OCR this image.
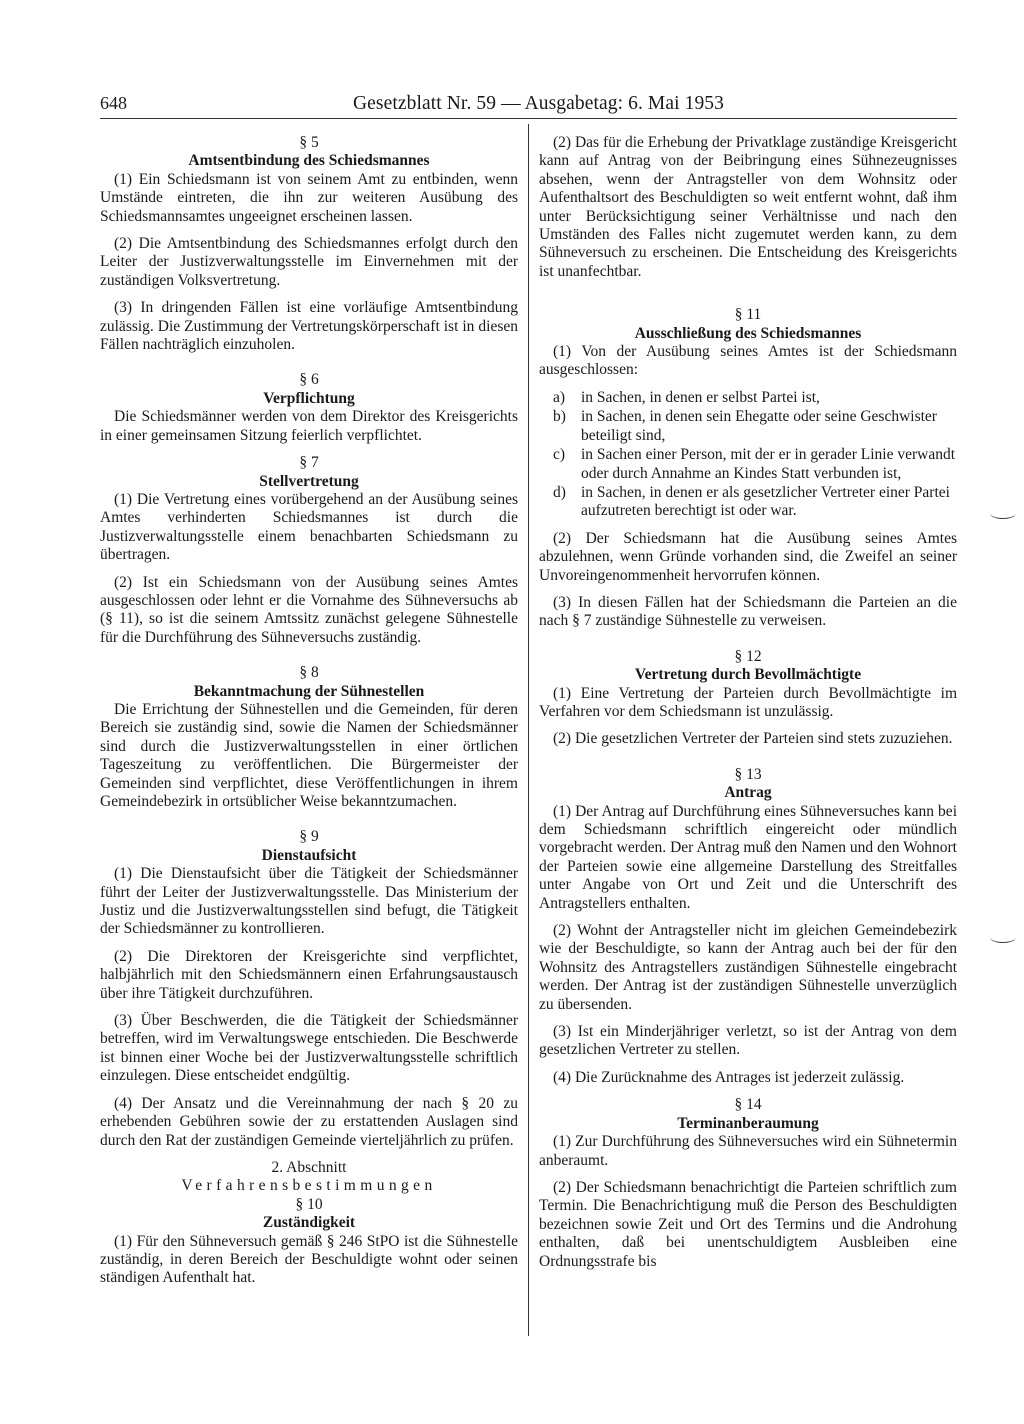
648	Gesetzblatt Nr. 59 — Ausgabetag: 6. Mai 1953

§ 5

Amtsentbindung des Schiedsmannes

(1) Ein Schiedsmann ist von seinem Amt zu entbinden, wenn Umstände eintreten, die ihn zur weiteren Ausübung des Schiedsmannsamtes ungeeignet erscheinen lassen.

(2) Die Amtsentbindung des Schiedsmannes erfolgt durch den Leiter der Justizverwaltungsstelle im Einvernehmen mit der zuständigen Volksvertretung.

(3) In dringenden Fällen ist eine vorläufige Amtsentbindung zulässig. Die Zustimmung der Vertretungskörperschaft ist in diesen Fällen nachträglich einzuholen.

§ 6

Verpflichtung

Die Schiedsmänner werden von dem Direktor des Kreisgerichts in einer gemeinsamen Sitzung feierlich verpflichtet.

§ 7

Stellvertretung

(1) Die Vertretung eines vorübergehend an der Ausübung seines Amtes verhinderten Schiedsmannes ist durch die Justizverwaltungsstelle einem benachbarten Schiedsmann zu übertragen.

(2) Ist ein Schiedsmann von der Ausübung seines Amtes ausgeschlossen oder lehnt er die Vornahme des Sühneversuchs ab (§ 11), so ist die seinem Amtssitz zunächst gelegene Sühnestelle für die Durchführung des Sühneversuchs zuständig.

§ 8

Bekanntmachung der Sühnestellen

Die Errichtung der Sühnestellen und die Gemeinden, für deren Bereich sie zuständig sind, sowie die Namen der Schiedsmänner sind durch die Justizverwaltungsstellen in einer örtlichen Tageszeitung zu veröffentlichen. Die Bürgermeister der Gemeinden sind verpflichtet, diese Veröffentlichungen in ihrem Gemeindebezirk in ortsüblicher Weise bekanntzumachen.

§ 9

Dienstaufsicht

(1) Die Dienstaufsicht über die Tätigkeit der Schiedsmänner führt der Leiter der Justizverwaltungsstelle. Das Ministerium der Justiz und die Justizverwaltungsstellen sind befugt, die Tätigkeit der Schiedsmänner zu kontrollieren.

(2) Die Direktoren der Kreisgerichte sind verpflichtet, halbjährlich mit den Schiedsmännern einen Erfahrungsaustausch über ihre Tätigkeit durchzuführen.

(3) Über Beschwerden, die die Tätigkeit der Schiedsmänner betreffen, wird im Verwaltungswege entschieden. Die Beschwerde ist binnen einer Woche bei der Justizverwaltungsstelle schriftlich einzulegen. Diese entscheidet endgültig.

(4) Der Ansatz und die Vereinnahmung der nach § 20 zu erhebenden Gebühren sowie der zu erstattenden Auslagen sind durch den Rat der zuständigen Gemeinde vierteljährlich zu prüfen.

2. Abschnitt

Verfahrensbestimmungen

§ 10

Zuständigkeit

(1) Für den Sühneversuch gemäß § 246 StPO ist die Sühnestelle zuständig, in deren Bereich der Beschuldigte wohnt oder seinen ständigen Aufenthalt hat.

(2) Das für die Erhebung der Privatklage zuständige Kreisgericht kann auf Antrag von der Beibringung eines Sühnezeugnisses absehen, wenn der Antragsteller von dem Wohnsitz oder Aufenthaltsort des Beschuldigten so weit entfernt wohnt, daß ihm unter Berücksichtigung seiner Verhältnisse und nach den Umständen des Falles nicht zugemutet werden kann, zu dem Sühneversuch zu erscheinen. Die Entscheidung des Kreisgerichts ist unanfechtbar.

§ 11

Ausschließung des Schiedsmannes

(1) Von der Ausübung seines Amtes ist der Schiedsmann ausgeschlossen:

a)	in Sachen, in denen er selbst Partei ist,
b) in Sachen, in denen sein Ehegatte oder seine Geschwister beteiligt sind,
c)	in Sachen einer Person, mit der er in gerader Linie verwandt oder durch Annahme an Kindes Statt verbunden ist,
d) in Sachen, in denen er als gesetzlicher Vertreter einer Partei aufzutreten berechtigt ist oder war.

(2) Der Schiedsmann hat die Ausübung seines Amtes abzulehnen, wenn Gründe vorhanden sind, die Zweifel an seiner Unvoreingenommenheit hervorrufen können.

(3) In diesen Fällen hat der Schiedsmann die Parteien an die nach § 7 zuständige Sühnestelle zu verweisen.

§ 12

Vertretung durch Bevollmächtigte

(1) Eine Vertretung der Parteien durch Bevollmächtigte im Verfahren vor dem Schiedsmann ist unzulässig.

(2) Die gesetzlichen Vertreter der Parteien sind stets zuzuziehen.

§ 13

Antrag

(1) Der Antrag auf Durchführung eines Sühneversuches kann bei dem Schiedsmann schriftlich eingereicht oder mündlich vorgebracht werden. Der Antrag muß den Namen und den Wohnort der Parteien sowie eine allgemeine Darstellung des Streitfalles unter Angabe von Ort und Zeit und die Unterschrift des Antragstellers enthalten.

(2) Wohnt der Antragsteller nicht im gleichen Gemeindebezirk wie der Beschuldigte, so kann der Antrag auch bei der für den Wohnsitz des Antragstellers zuständigen Sühnestelle eingebracht werden. Der Antrag ist der zuständigen Sühnestelle unverzüglich zu übersenden.

(3) Ist ein Minderjähriger verletzt, so ist der Antrag von dem gesetzlichen Vertreter zu stellen.

(4) Die Zurücknahme des Antrages ist jederzeit zulässig.

§ 14

Terminanberaumung

(1) Zur Durchführung des Sühneversuches wird ein Sühnetermin anberaumt.

(2) Der Schiedsmann benachrichtigt die Parteien schriftlich zum Termin. Die Benachrichtigung muß die Person des Beschuldigten bezeichnen sowie Zeit und Ort des Termins und die Androhung enthalten, daß bei unentschuldigtem Ausbleiben eine Ordnungsstrafe bis
